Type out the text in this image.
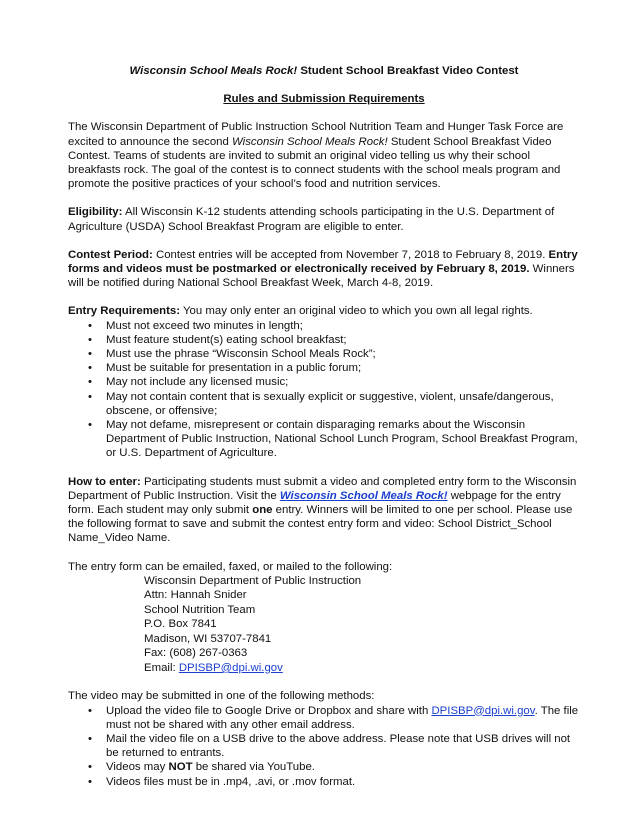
Wisconsin School Meals Rock! Student School Breakfast Video Contest

Rules and Submission Requirements

The Wisconsin Department of Public Instruction School Nutrition Team and Hunger Task Force are excited to announce the second Wisconsin School Meals Rock! Student School Breakfast Video Contest. Teams of students are invited to submit an original video telling us why their school breakfasts rock. The goal of the contest is to connect students with the school meals program and promote the positive practices of your school’s food and nutrition services.

Eligibility: All Wisconsin K-12 students attending schools participating in the U.S. Department of Agriculture (USDA) School Breakfast Program are eligible to enter.

Contest Period: Contest entries will be accepted from November 7, 2018 to February 8, 2019. Entry forms and videos must be postmarked or electronically received by February 8, 2019. Winners will be notified during National School Breakfast Week, March 4-8, 2019.

Entry Requirements: You may only enter an original video to which you own all legal rights.

• Must not exceed two minutes in length;
• Must feature student(s) eating school breakfast;
• Must use the phrase “Wisconsin School Meals Rock”;
• Must be suitable for presentation in a public forum;
• May not include any licensed music;
• May not contain content that is sexually explicit or suggestive, violent, unsafe/dangerous, obscene, or offensive;
• May not defame, misrepresent or contain disparaging remarks about the Wisconsin Department of Public Instruction, National School Lunch Program, School Breakfast Program, or U.S. Department of Agriculture.

How to enter: Participating students must submit a video and completed entry form to the Wisconsin Department of Public Instruction. Visit the Wisconsin School Meals Rock! webpage for the entry form. Each student may only submit one entry. Winners will be limited to one per school. Please use the following format to save and submit the contest entry form and video: School District_School Name_Video Name.

The entry form can be emailed, faxed, or mailed to the following:

Wisconsin Department of Public Instruction
Attn: Hannah Snider
School Nutrition Team
P.O. Box 7841
Madison, WI 53707-7841
Fax: (608) 267-0363
Email: DPISBP@dpi.wi.gov

The video may be submitted in one of the following methods:

• Upload the video file to Google Drive or Dropbox and share with DPISBP@dpi.wi.gov. The file must not be shared with any other email address.
• Mail the video file on a USB drive to the above address. Please note that USB drives will not be returned to entrants.
• Videos may NOT be shared via YouTube.
• Videos files must be in .mp4, .avi, or .mov format.
